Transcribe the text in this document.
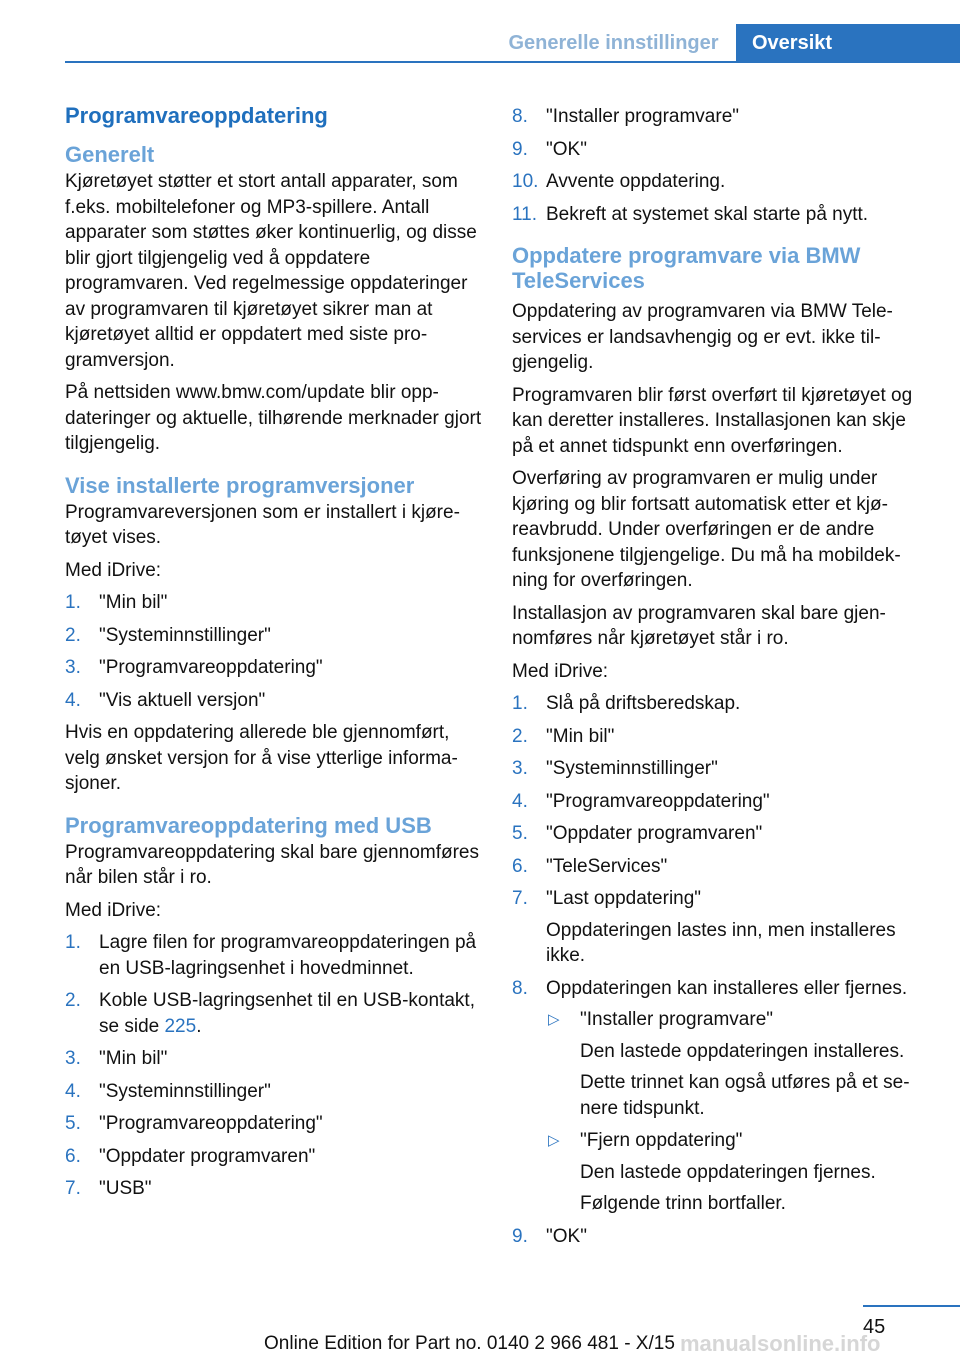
Generelle innstillinger	Oversikt
Programvareoppdatering
Generelt

Kjøretøyet støtter et stort antall apparater, som f.eks. mobiltelefoner og MP3-spillere. Antall apparater som støttes øker kontinuerlig, og disse blir gjort tilgjengelig ved å oppdatere programvaren. Ved regelmessige oppdateringer av programvaren til kjøretøyet sikrer man at kjøretøyet alltid er oppdatert med siste programversjon.

På nettsiden www.bmw.com/update blir oppdateringer og aktuelle, tilhørende merknader gjort tilgjengelig.

Vise installerte programversjoner

Programvareversjonen som er installert i kjøretøyet vises.

Med iDrive:

1. "Min bil"
2. "Systeminnstillinger"
3. "Programvareoppdatering"
4. "Vis aktuell versjon"

Hvis en oppdatering allerede ble gjennomført, velg ønsket versjon for å vise ytterlige informasjoner.

Programvareoppdatering med USB

Programvareoppdatering skal bare gjennomføres når bilen står i ro.

Med iDrive:

1. Lagre filen for programvareoppdateringen på en USB-lagringsenhet i hovedminnet.
2. Koble USB-lagringsenhet til en USB-kontakt, se side 225.
3. "Min bil"
4. "Systeminnstillinger"
5. "Programvareoppdatering"
6. "Oppdater programvaren"
7. "USB"
8. "Installer programvare"
9. "OK"
10. Avvente oppdatering.
11. Bekreft at systemet skal starte på nytt.
Oppdatere programvare via BMW TeleServices

Oppdatering av programvaren via BMW Teleservices er landsavhengig og er evt. ikke tilgjengelig.

Programvaren blir først overført til kjøretøyet og kan deretter installeres. Installasjonen kan skje på et annet tidspunkt enn overføringen.

Overføring av programvaren er mulig under kjøring og blir fortsatt automatisk etter et kjøreavbrudd. Under overføringen er de andre funksjonene tilgjengelige. Du må ha mobildekning for overføringen.

Installasjon av programvaren skal bare gjennomføres når kjøretøyet står i ro.

Med iDrive:

1. Slå på driftsberedskap.
2. "Min bil"
3. "Systeminnstillinger"
4. "Programvareoppdatering"
5. "Oppdater programvaren"
6. "TeleServices"
7. "Last oppdatering"
Oppdateringen lastes inn, men installeres ikke.
8. Oppdateringen kan installeres eller fjernes.
▷ "Installer programvare"
Den lastede oppdateringen installeres.
Dette trinnet kan også utføres på et senere tidspunkt.
▷ "Fjern oppdatering"
Den lastede oppdateringen fjernes.
Følgende trinn bortfaller.
9. "OK"
45
Online Edition for Part no. 0140 2 966 481 - X/15 manualsonline.info
